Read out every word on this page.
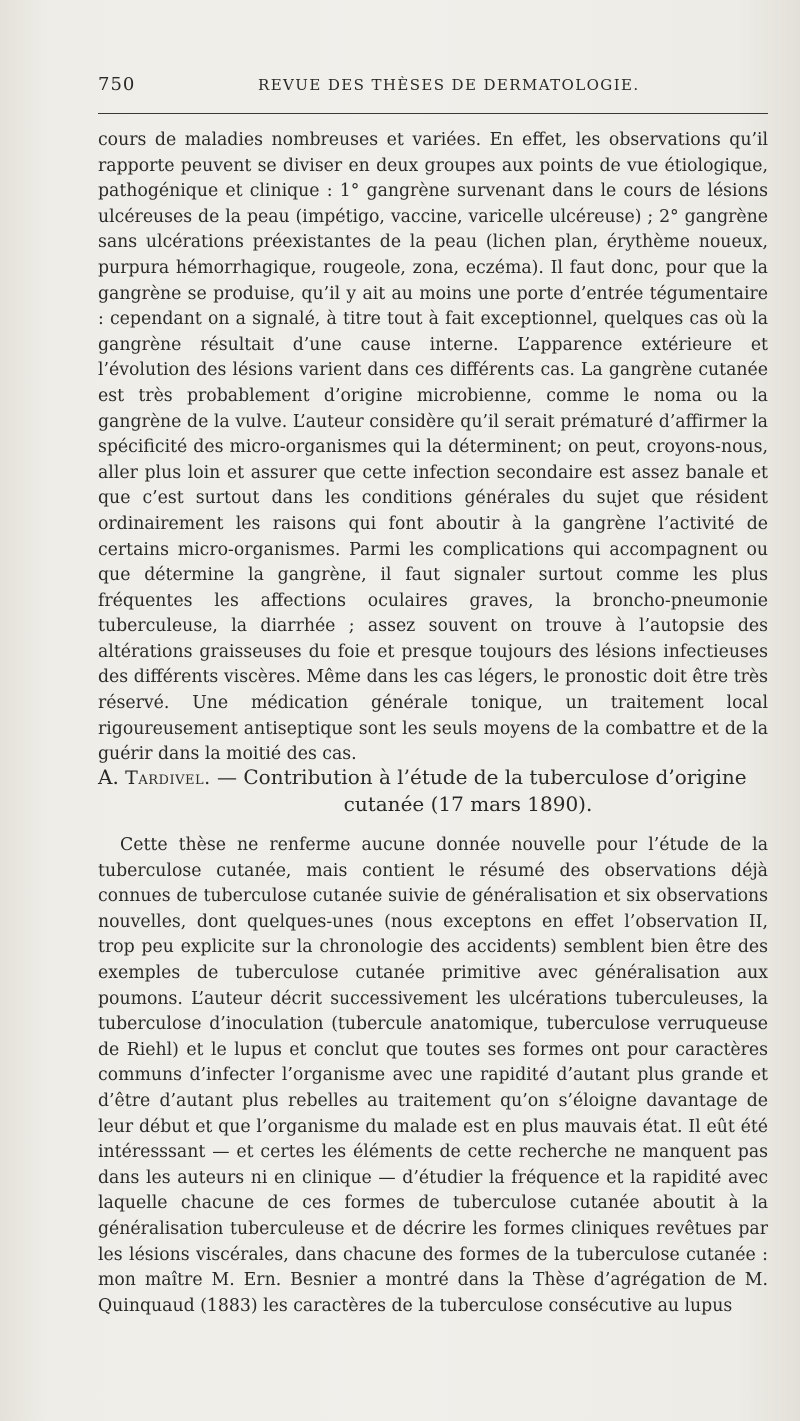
750	REVUE DES THÈSES DE DERMATOLOGIE.

cours de maladies nombreuses et variées. En effet, les observations qu’il rapporte peuvent se diviser en deux groupes aux points de vue étiologique, pathogénique et clinique : 1° gangrène survenant dans le cours de lésions ulcéreuses de la peau (impétigo, vaccine, varicelle ulcéreuse) ; 2° gangrène sans ulcérations préexistantes de la peau (lichen plan, érythème noueux, purpura hémorrhagique, rougeole, zona, eczéma). Il faut donc, pour que la gangrène se produise, qu’il y ait au moins une porte d’entrée tégumentaire : cependant on a signalé, à titre tout à fait exceptionnel, quelques cas où la gangrène résultait d’une cause interne. L’apparence extérieure et l’évolution des lésions varient dans ces différents cas. La gangrène cutanée est très probablement d’origine microbienne, comme le noma ou la gangrène de la vulve. L’auteur considère qu’il serait prématuré d’affirmer la spécificité des micro-organismes qui la déterminent; on peut, croyons-nous, aller plus loin et assurer que cette infection secondaire est assez banale et que c’est surtout dans les conditions générales du sujet que résident ordinairement les raisons qui font aboutir à la gangrène l’activité de certains micro-organismes. Parmi les complications qui accompagnent ou que détermine la gangrène, il faut signaler surtout comme les plus fréquentes les affections oculaires graves, la broncho-pneumonie tuberculeuse, la diarrhée ; assez souvent on trouve à l’autopsie des altérations graisseuses du foie et presque toujours des lésions infectieuses des différents viscères. Même dans les cas légers, le pronostic doit être très réservé. Une médication générale tonique, un traitement local rigoureusement antiseptique sont les seuls moyens de la combattre et de la guérir dans la moitié des cas.

A. Tardivel. — Contribution à l’étude de la tuberculose d’origine
cutanée (17 mars 1890).

Cette thèse ne renferme aucune donnée nouvelle pour l’étude de la tuberculose cutanée, mais contient le résumé des observations déjà connues de tuberculose cutanée suivie de généralisation et six observations nouvelles, dont quelques-unes (nous exceptons en effet l’observation II, trop peu explicite sur la chronologie des accidents) semblent bien être des exemples de tuberculose cutanée primitive avec généralisation aux poumons. L’auteur décrit successivement les ulcérations tuberculeuses, la tuberculose d’inoculation (tubercule anatomique, tuberculose verruqueuse de Riehl) et le lupus et conclut que toutes ses formes ont pour caractères communs d’infecter l’organisme avec une rapidité d’autant plus grande et d’être d’autant plus rebelles au traitement qu’on s’éloigne davantage de leur début et que l’organisme du malade est en plus mauvais état. Il eût été intéresssant — et certes les éléments de cette recherche ne manquent pas dans les auteurs ni en clinique — d’étudier la fréquence et la rapidité avec laquelle chacune de ces formes de tuberculose cutanée aboutit à la généralisation tuberculeuse et de décrire les formes cliniques revêtues par les lésions viscérales, dans chacune des formes de la tuberculose cutanée : mon maître M. Ern. Besnier a montré dans la Thèse d’agrégation de M. Quinquaud (1883) les caractères de la tuberculose consécutive au lupus
